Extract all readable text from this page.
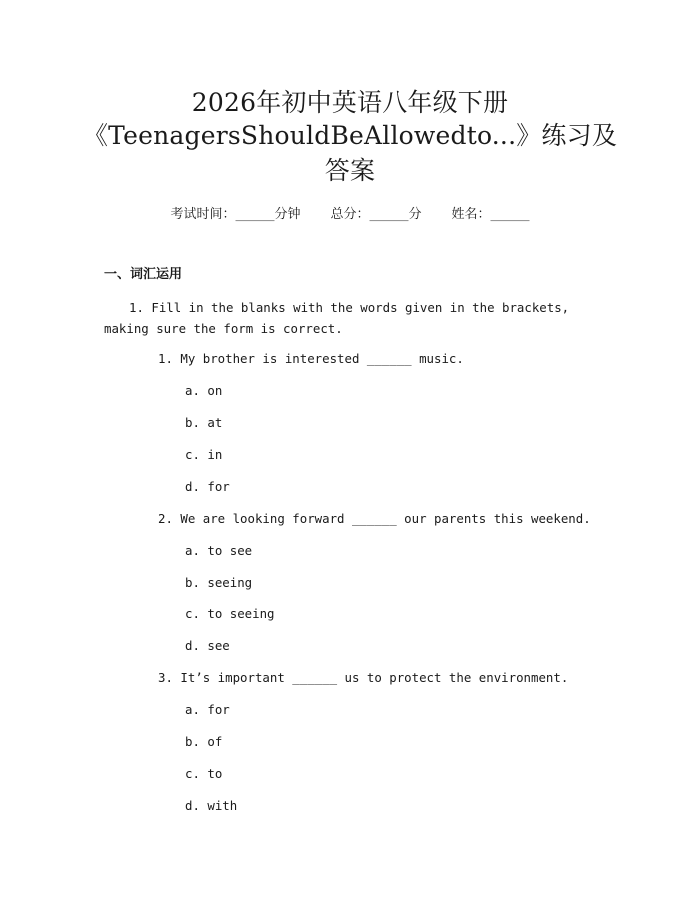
2026年初中英语八年级下册
《TeenagersShouldBeAllowedto...》练习及
答案
考试时间：______分钟 总分：______分 姓名：______
一、词汇运用
1. Fill in the blanks with the words given in the brackets, making sure the form is correct.
1. My brother is interested ______ music.
a. on
b. at
c. in
d. for
2. We are looking forward ______ our parents this weekend.
a. to see
b. seeing
c. to seeing
d. see
3. It’s important ______ us to protect the environment.
a. for
b. of
c. to
d. with
